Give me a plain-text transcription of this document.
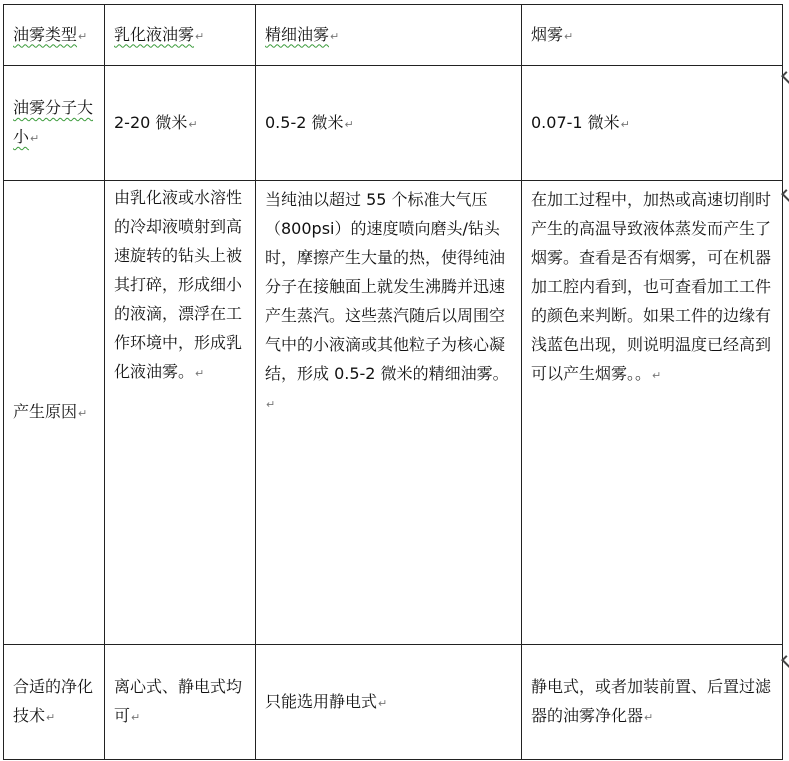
油雾类型↵	乳化液油雾↵	精细油雾↵	烟雾↵
油雾分子大小↵	2-20 微米↵	0.5-2 微米↵	0.07-1 微米↵
产生原因↵	由乳化液或水溶性的冷却液喷射到高速旋转的钻头上被其打碎，形成细小的液滴，漂浮在工作环境中，形成乳化液油雾。↵	当纯油以超过 55 个标准大气压（800psi）的速度喷向磨头/钻头时，摩擦产生大量的热，使得纯油分子在接触面上就发生沸腾并迅速产生蒸汽。这些蒸汽随后以周围空气中的小液滴或其他粒子为核心凝结，形成 0.5-2 微米的精细油雾。↵	在加工过程中，加热或高速切削时产生的高温导致液体蒸发而产生了烟雾。查看是否有烟雾，可在机器加工腔内看到，也可查看加工工件的颜色来判断。如果工件的边缘有浅蓝色出现，则说明温度已经高到可以产生烟雾。。↵
合适的净化技术↵	离心式、静电式均可↵	只能选用静电式↵	静电式，或者加装前置、后置过滤器的油雾净化器↵
